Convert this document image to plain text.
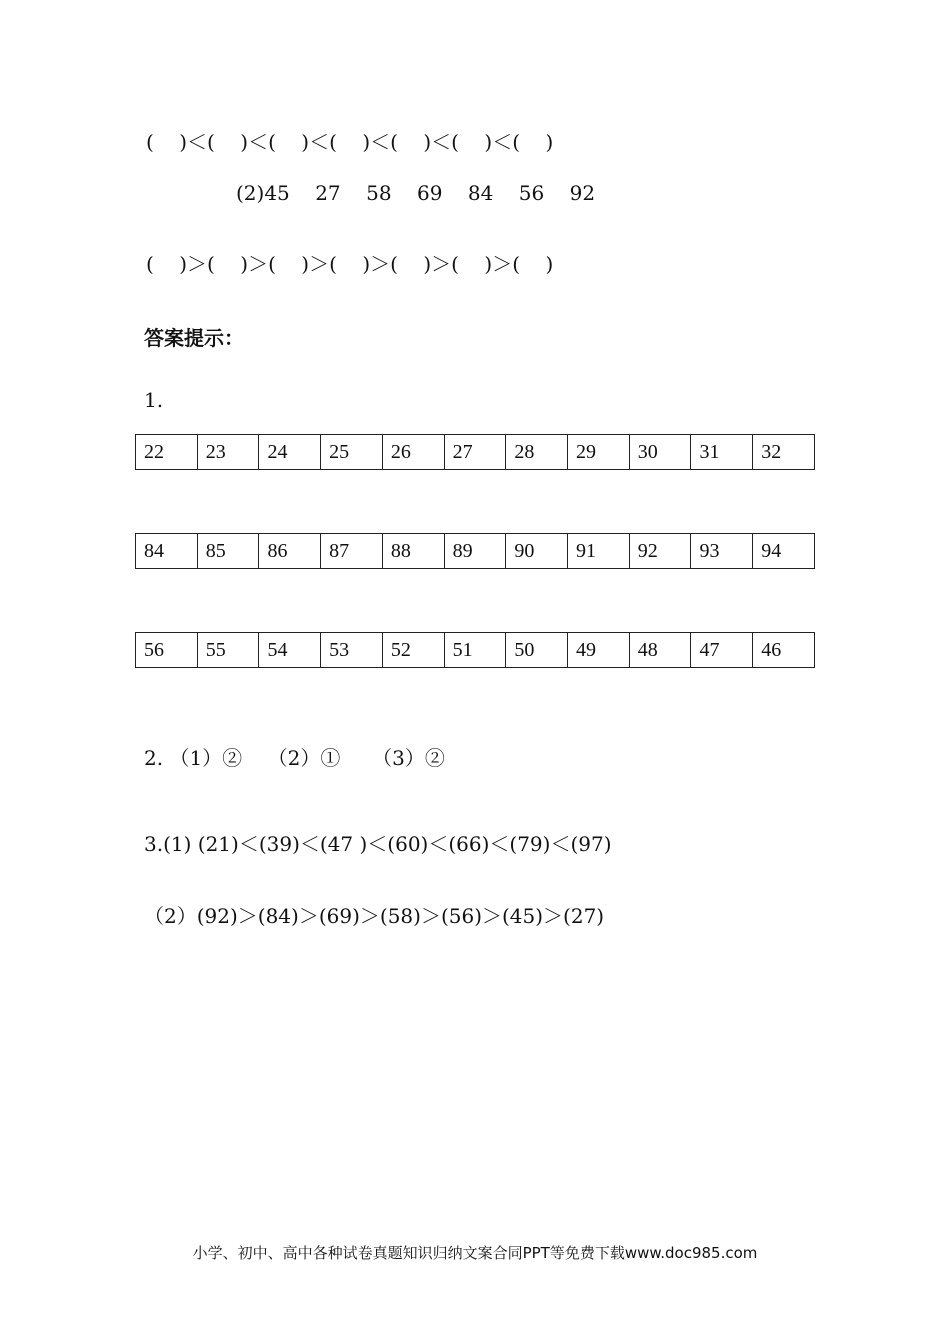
(    )＜(    )＜(    )＜(    )＜(    )＜(    )＜(    )
(2)45    27    58    69    84    56    92
(    )＞(    )＞(    )＞(    )＞(    )＞(    )＞(    )
答案提示：
1.
22	23	24	25	26	27	28	29	30	31	32
84	85	86	87	88	89	90	91	92	93	94
56	55	54	53	52	51	50	49	48	47	46
2. （1）②    （2）①     （3）②
3.(1) (21)＜(39)＜(47 )＜(60)＜(66)＜(79)＜(97)
（2）(92)＞(84)＞(69)＞(58)＞(56)＞(45)＞(27)
小学、初中、高中各种试卷真题知识归纳文案合同PPT等免费下载www.doc985.com
